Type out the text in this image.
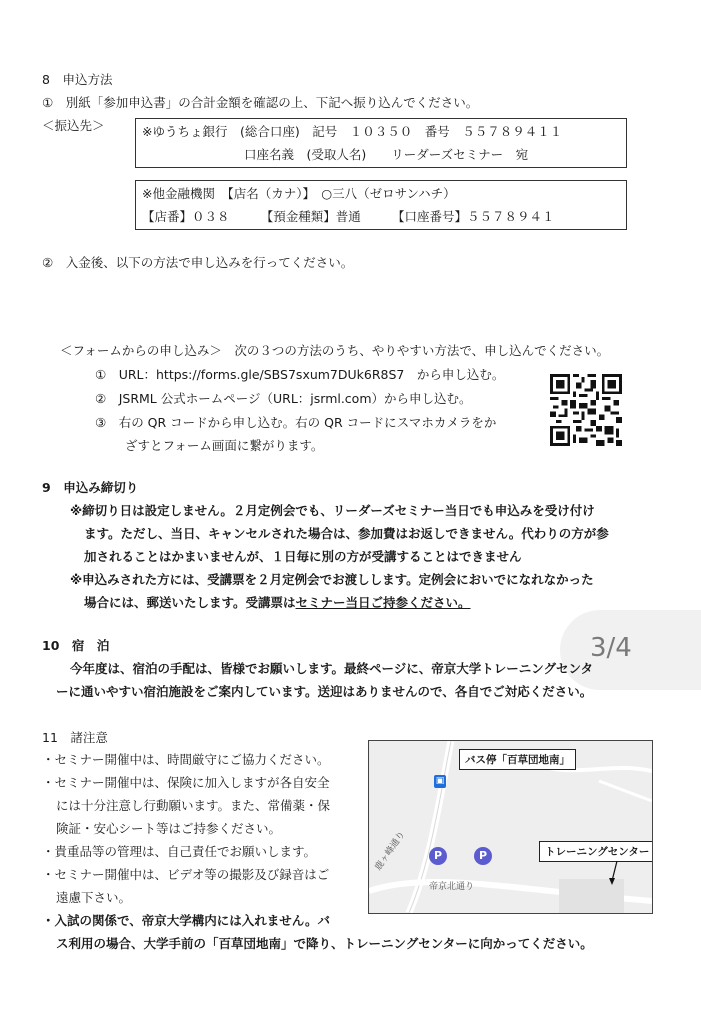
8　申込方法
①　別紙「参加申込書」の合計金額を確認の上、下記へ振り込んでください。
＜振込先＞	※ゆうちょ銀行　(総合口座)　記号　１０３５０　番号　５５７８９４１１
口座名義　(受取人名)　　リーダーズセミナー　宛
※他金融機関　【店名（カナ）】　○三八（ゼロサンハチ）
【店番】０３８　　　【預金種類】普通　　　【口座番号】５５７８９４１
②　入金後、以下の方法で申し込みを行ってください。
＜フォームからの申し込み＞　次の３つの方法のうち、やりやすい方法で、申し込んでください。
①　URL：https://forms.gle/SBS7sxum7DUk6R8S7　から申し込む。
②　JSRML 公式ホームページ（URL：jsrml.com）から申し込む。
③　右の QR コードから申し込む。右の QR コードにスマホカメラをか
ざすとフォーム画面に繋がります。
9　申込み締切り
※締切り日は設定しません。２月定例会でも、リーダーズセミナー当日でも申込みを受け付け
ます。ただし、当日、キャンセルされた場合は、参加費はお返しできません。代わりの方が参
加されることはかまいませんが、１日毎に別の方が受講することはできません
※申込みされた方には、受講票を２月定例会でお渡しします。定例会においでになれなかった
場合には、郵送いたします。受講票はセミナー当日ご持参ください。
3/4
10　宿　泊
今年度は、宿泊の手配は、皆様でお願いします。最終ページに、帝京大学トレーニングセンタ
ーに通いやすい宿泊施設をご案内しています。送迎はありませんので、各自でご対応ください。
11　諸注意
・セミナー開催中は、時間厳守にご協力ください。
・セミナー開催中は、保険に加入しますが各自安全
には十分注意し行動願います。また、常備薬・保
険証・安心シート等はご持参ください。
・貴重品等の管理は、自己責任でお願いします。
・セミナー開催中は、ビデオ等の撮影及び録音はご
遠慮下さい。
・入試の関係で、帝京大学構内には入れません。バ
ス利用の場合、大学手前の「百草団地南」で降り、トレーニングセンターに向かってください。
▣
バス停「百草団地南」
P	P	トレーニングセンター
帝京北通り
鹿ヶ峰通り
